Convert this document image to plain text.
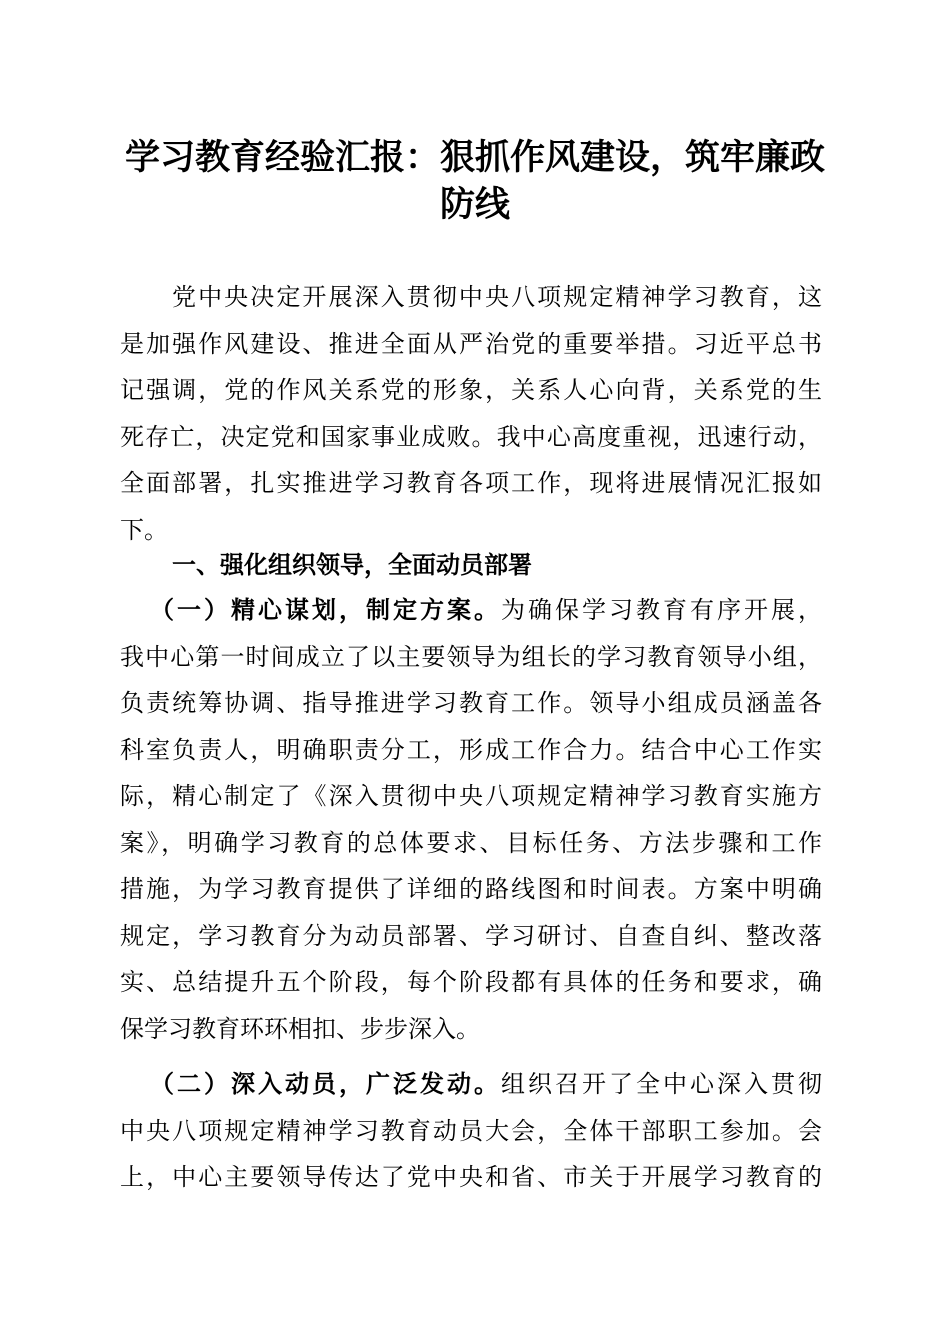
学习教育经验汇报：狠抓作风建设，筑牢廉政
防线
党中央决定开展深入贯彻中央八项规定精神学习教育，这
是加强作风建设、推进全面从严治党的重要举措。习近平总书
记强调，党的作风关系党的形象，关系人心向背，关系党的生
死存亡，决定党和国家事业成败。我中心高度重视，迅速行动，
全面部署，扎实推进学习教育各项工作，现将进展情况汇报如
下。
一、强化组织领导，全面动员部署
（一）精心谋划，制定方案。为确保学习教育有序开展，
我中心第一时间成立了以主要领导为组长的学习教育领导小组，
负责统筹协调、指导推进学习教育工作。领导小组成员涵盖各
科室负责人，明确职责分工，形成工作合力。结合中心工作实
际，精心制定了《深入贯彻中央八项规定精神学习教育实施方
案》，明确学习教育的总体要求、目标任务、方法步骤和工作
措施，为学习教育提供了详细的路线图和时间表。方案中明确
规定，学习教育分为动员部署、学习研讨、自查自纠、整改落
实、总结提升五个阶段，每个阶段都有具体的任务和要求，确
保学习教育环环相扣、步步深入。
（二）深入动员，广泛发动。组织召开了全中心深入贯彻
中央八项规定精神学习教育动员大会，全体干部职工参加。会
上，中心主要领导传达了党中央和省、市关于开展学习教育的
